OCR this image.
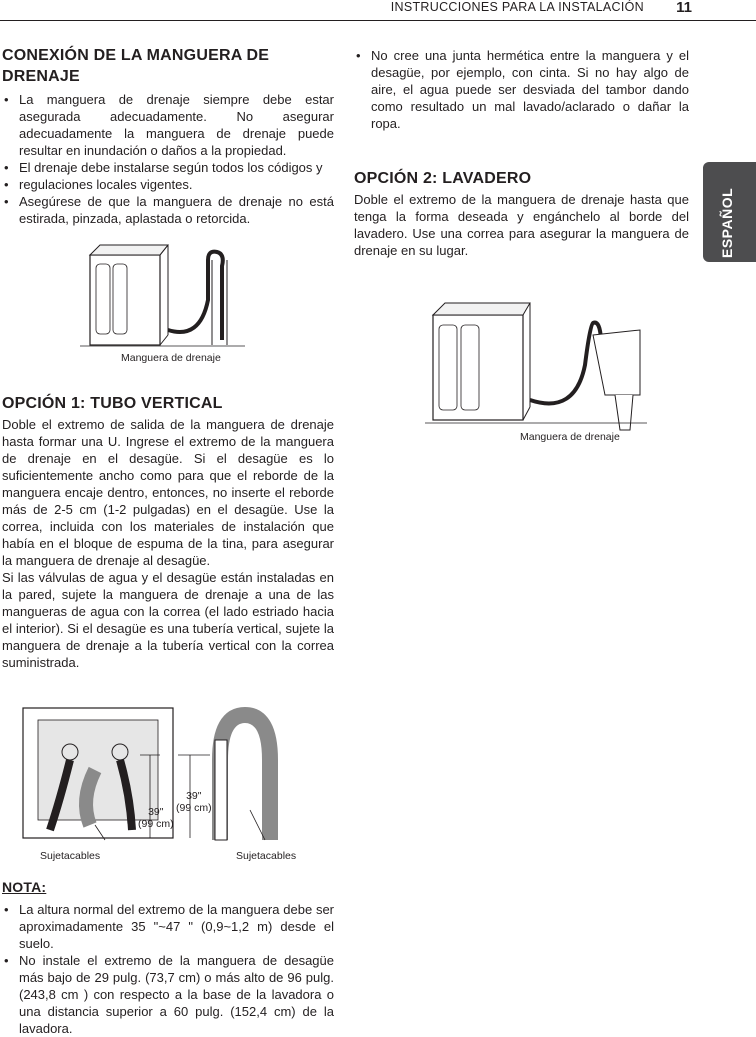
INSTRUCCIONES PARA LA INSTALACIÓN 11
ESPAÑOL
CONEXIÓN DE LA MANGUERA DE
DRENAJE
• La manguera de drenaje siempre debe estar asegurada adecuadamente. No asegurar adecuadamente la manguera de drenaje puede resultar en inundación o daños a la propiedad.
• El drenaje debe instalarse según todos los códigos y
• regulaciones locales vigentes.
• Asegúrese de que la manguera de drenaje no está estirada, pinzada, aplastada o retorcida.
Manguera de drenaje
OPCIÓN 1: TUBO VERTICAL

Doble el extremo de salida de la manguera de drenaje hasta formar una U. Ingrese el extremo de la manguera de drenaje en el desagüe. Si el desagüe es lo suficientemente ancho como para que el reborde de la manguera encaje dentro, entonces, no inserte el reborde más de 2-5 cm (1-2 pulgadas) en el desagüe. Use la correa, incluida con los materiales de instalación que había en el bloque de espuma de la tina, para asegurar la manguera de drenaje al desagüe.

Si las válvulas de agua y el desagüe están instaladas en la pared, sujete la manguera de drenaje a una de las mangueras de agua con la correa (el lado estriado hacia el interior). Si el desagüe es una tubería vertical, sujete la manguera de drenaje a la tubería vertical con la correa suministrada.

39"
(99 cm)
39"
(99 cm)
Sujetacables	Sujetacables
NOTA:
• La altura normal del extremo de la manguera debe ser aproximadamente 35 "~47 " (0,9~1,2 m) desde el suelo.
• No instale el extremo de la manguera de desagüe más bajo de 29 pulg. (73,7 cm) o más alto de 96 pulg. (243,8 cm ) con respecto a la base de la lavadora o una distancia superior a 60 pulg. (152,4 cm) de la lavadora.
• No cree una junta hermética entre la manguera y el desagüe, por ejemplo, con cinta. Si no hay algo de aire, el agua puede ser desviada del tambor dando como resultado un mal lavado/aclarado o dañar la ropa.
OPCIÓN 2: LAVADERO

Doble el extremo de la manguera de drenaje hasta que tenga la forma deseada y engánchelo al borde del lavadero. Use una correa para asegurar la manguera de drenaje en su lugar.

Manguera de drenaje
